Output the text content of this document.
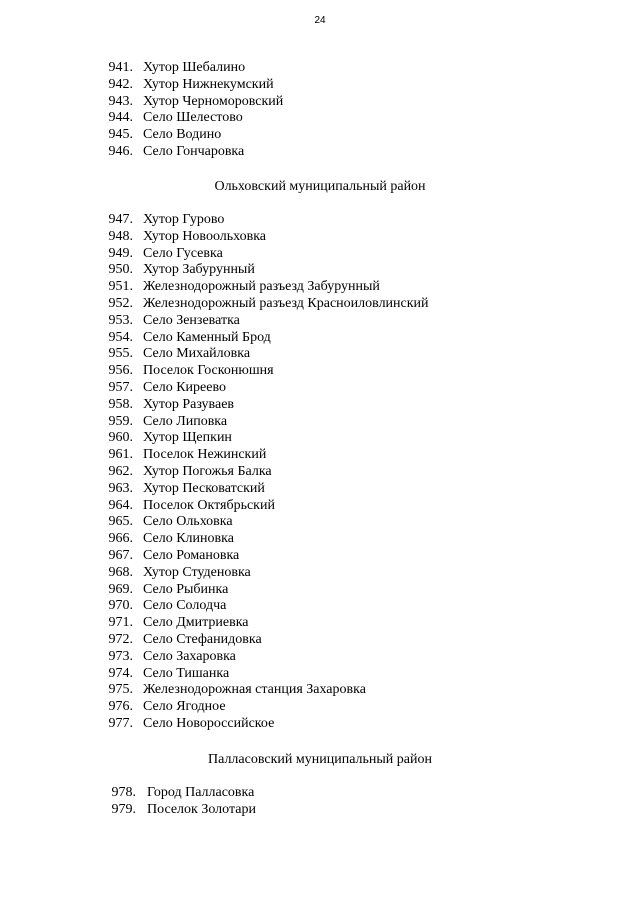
24
941. Хутор Шебалино
942. Хутор Нижнекумский
943. Хутор Черноморовский
944. Село Шелестово
945. Село Водино
946. Село Гончаровка
Ольховский муниципальный район
947. Хутор Гурово
948. Хутор Новоольховка
949. Село Гусевка
950. Хутор Забурунный
951. Железнодорожный разъезд Забурунный
952. Железнодорожный разъезд Красноиловлинский
953. Село Зензеватка
954. Село Каменный Брод
955. Село Михайловка
956. Поселок Госконюшня
957. Село Киреево
958. Хутор Разуваев
959. Село Липовка
960. Хутор Щепкин
961. Поселок Нежинский
962. Хутор Погожья Балка
963. Хутор Песковатский
964. Поселок Октябрьский
965. Село Ольховка
966. Село Клиновка
967. Село Романовка
968. Хутор Студеновка
969. Село Рыбинка
970. Село Солодча
971. Село Дмитриевка
972. Село Стефанидовка
973. Село Захаровка
974. Село Тишанка
975. Железнодорожная станция Захаровка
976. Село Ягодное
977. Село Новороссийское
Палласовский муниципальный район
978. Город Палласовка
979. Поселок Золотари
